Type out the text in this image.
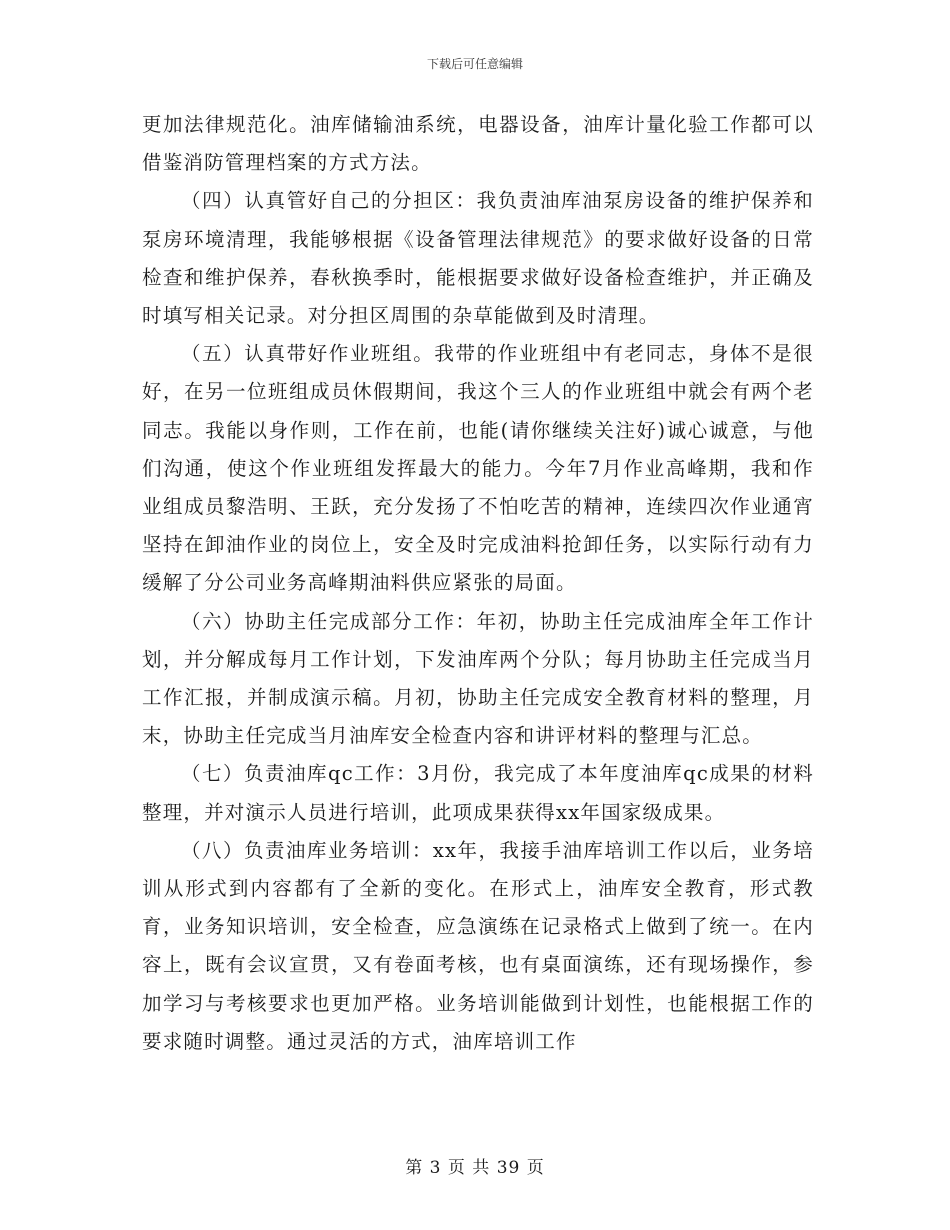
下载后可任意编辑

更加法律规范化。油库储输油系统，电器设备，油库计量化验工作都可以借鉴消防管理档案的方式方法。

（四）认真管好自己的分担区：我负责油库油泵房设备的维护保养和泵房环境清理，我能够根据《设备管理法律规范》的要求做好设备的日常检查和维护保养，春秋换季时，能根据要求做好设备检查维护，并正确及时填写相关记录。对分担区周围的杂草能做到及时清理。

（五）认真带好作业班组。我带的作业班组中有老同志，身体不是很好，在另一位班组成员休假期间，我这个三人的作业班组中就会有两个老同志。我能以身作则，工作在前，也能(请你继续关注好)诚心诚意，与他们沟通，使这个作业班组发挥最大的能力。今年7月作业高峰期，我和作业组成员黎浩明、王跃，充分发扬了不怕吃苦的精神，连续四次作业通宵坚持在卸油作业的岗位上，安全及时完成油料抢卸任务，以实际行动有力缓解了分公司业务高峰期油料供应紧张的局面。

（六）协助主任完成部分工作：年初，协助主任完成油库全年工作计划，并分解成每月工作计划，下发油库两个分队；每月协助主任完成当月工作汇报，并制成演示稿。月初，协助主任完成安全教育材料的整理，月末，协助主任完成当月油库安全检查内容和讲评材料的整理与汇总。

（七）负责油库qc工作：3月份，我完成了本年度油库qc成果的材料整理，并对演示人员进行培训，此项成果获得xx年国家级成果。

（八）负责油库业务培训：xx年，我接手油库培训工作以后，业务培训从形式到内容都有了全新的变化。在形式上，油库安全教育，形式教育，业务知识培训，安全检查，应急演练在记录格式上做到了统一。在内容上，既有会议宣贯，又有卷面考核，也有桌面演练，还有现场操作，参加学习与考核要求也更加严格。业务培训能做到计划性，也能根据工作的要求随时调整。通过灵活的方式，油库培训工作

第 3 页 共 39 页
